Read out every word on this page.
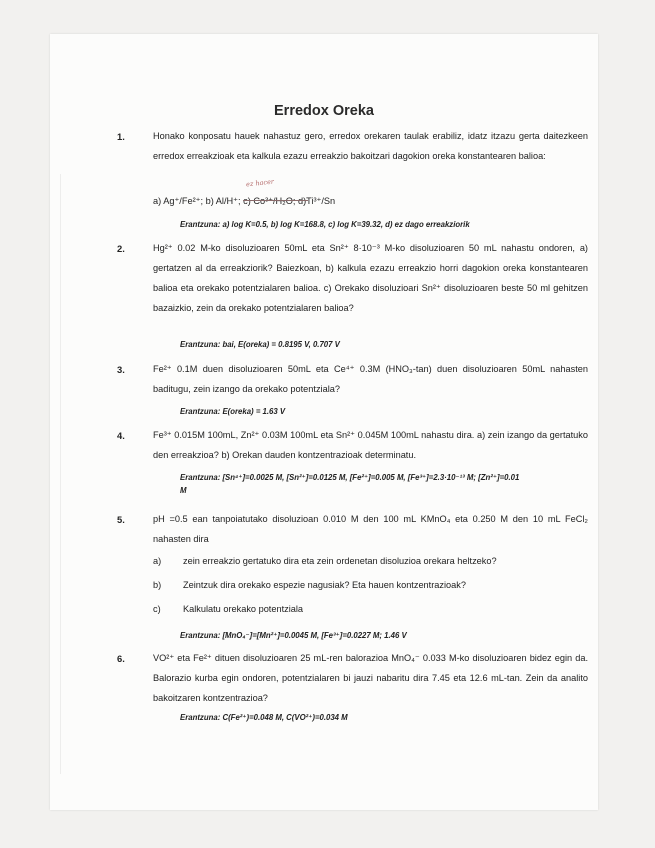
Erredox Oreka
1.	Honako konposatu hauek nahastuz gero, erredox orekaren taulak erabiliz, idatz itzazu gerta daitezkeen erredox erreakzioak eta kalkula ezazu erreakzio bakoitzari dagokion oreka konstantearen balioa:
ez hacer
a) Ag⁺/Fe²⁺; b) Al/H⁺; c) Co³⁺/H₂O; d)Ti³⁺/Sn
Erantzuna: a) log K=0.5, b) log K=168.8, c) log K=39.32, d) ez dago erreakziorik
2.	Hg²⁺ 0.02 M-ko disoluzioaren 50mL eta Sn²⁺ 8·10⁻³ M-ko disoluzioaren 50 mL nahastu ondoren, a) gertatzen al da erreakziorik? Baiezkoan, b) kalkula ezazu erreakzio horri dagokion oreka konstantearen balioa eta orekako potentzialaren balioa. c) Orekako disoluzioari Sn²⁺ disoluzioaren beste 50 ml gehitzen bazaizkio, zein da orekako potentzialaren balioa?
Erantzuna: bai, E(oreka) = 0.8195 V, 0.707 V
3.	Fe²⁺ 0.1M duen disoluzioaren 50mL eta Ce⁴⁺ 0.3M (HNO₃-tan) duen disoluzioaren 50mL nahasten baditugu, zein izango da orekako potentziala?
Erantzuna: E(oreka) = 1.63 V
4.	Fe³⁺ 0.015M 100mL, Zn²⁺ 0.03M 100mL eta Sn²⁺ 0.045M 100mL nahastu dira. a) zein izango da gertatuko den erreakzioa? b) Orekan dauden kontzentrazioak determinatu.
Erantzuna: [Sn⁴⁺]=0.0025 M, [Sn²⁺]=0.0125 M, [Fe²⁺]=0.005 M, [Fe³⁺]=2.3·10⁻¹³ M; [Zn²⁺]=0.01 M
5.	pH =0.5 ean tanpoiatutako disoluzioan 0.010 M den 100 mL KMnO₄ eta 0.250 M den 10 mL FeCl₂ nahasten dira
a) zein erreakzio gertatuko dira eta zein ordenetan disoluzioa orekara heltzeko?
b) Zeintzuk dira orekako espezie nagusiak? Eta hauen kontzentrazioak?
c) Kalkulatu orekako potentziala
Erantzuna: [MnO₄⁻]=[Mn²⁺]=0.0045 M, [Fe³⁺]=0.0227 M; 1.46 V
6.	VO²⁺ eta Fe²⁺ dituen disoluzioaren 25 mL-ren balorazioa MnO₄⁻ 0.033 M-ko disoluzioaren bidez egin da. Balorazio kurba egin ondoren, potentzialaren bi jauzi nabaritu dira 7.45 eta 12.6 mL-tan. Zein da analito bakoitzaren kontzentrazioa?
Erantzuna: C(Fe²⁺)=0.048 M, C(VO²⁺)=0.034 M
